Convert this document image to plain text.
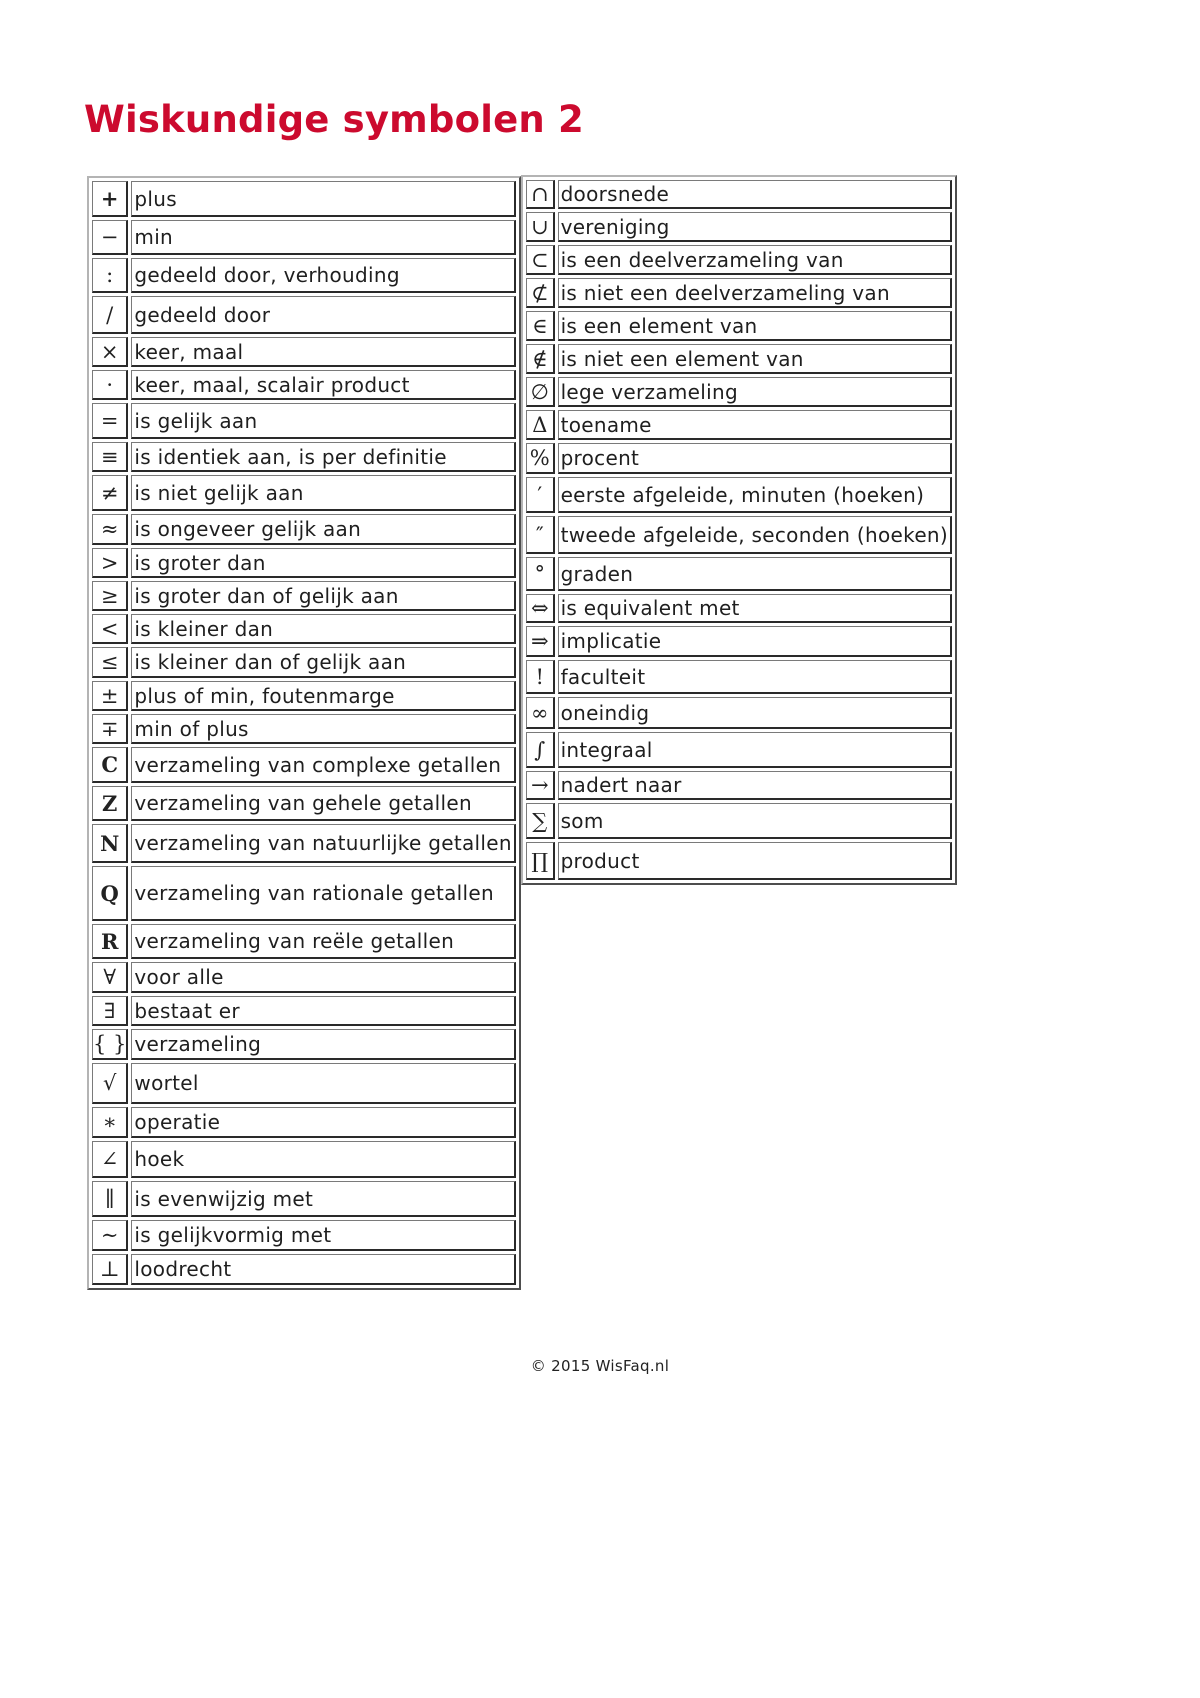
Wiskundige symbolen 2
+	plus
−	min
:	gedeeld door, verhouding
/	gedeeld door
×	keer, maal
·	keer, maal, scalair product
=	is gelijk aan
≡	is identiek aan, is per definitie
≠	is niet gelijk aan
≈	is ongeveer gelijk aan
>	is groter dan
≥	is groter dan of gelijk aan
<	is kleiner dan
≤	is kleiner dan of gelijk aan
±	plus of min, foutenmarge
∓	min of plus
C	verzameling van complexe getallen
Z	verzameling van gehele getallen
N	verzameling van natuurlijke getallen
Q	verzameling van rationale getallen
R	verzameling van reële getallen
∀	voor alle
∃	bestaat er
{ }	verzameling
√	wortel
∗	operatie
∠	hoek
∥	is evenwijzig met
∼	is gelijkvormig met
⊥	loodrecht
∩	doorsnede
∪	vereniging
⊂	is een deelverzameling van
⊄	is niet een deelverzameling van
∈	is een element van
∉	is niet een element van
∅	lege verzameling
Δ	toename
%	procent
′	eerste afgeleide, minuten (hoeken)
″	tweede afgeleide, seconden (hoeken)
°	graden
⇔	is equivalent met
⇒	implicatie
!	faculteit
∞	oneindig
∫	integraal
→	nadert naar
∑	som
∏	product
© 2015 WisFaq.nl
